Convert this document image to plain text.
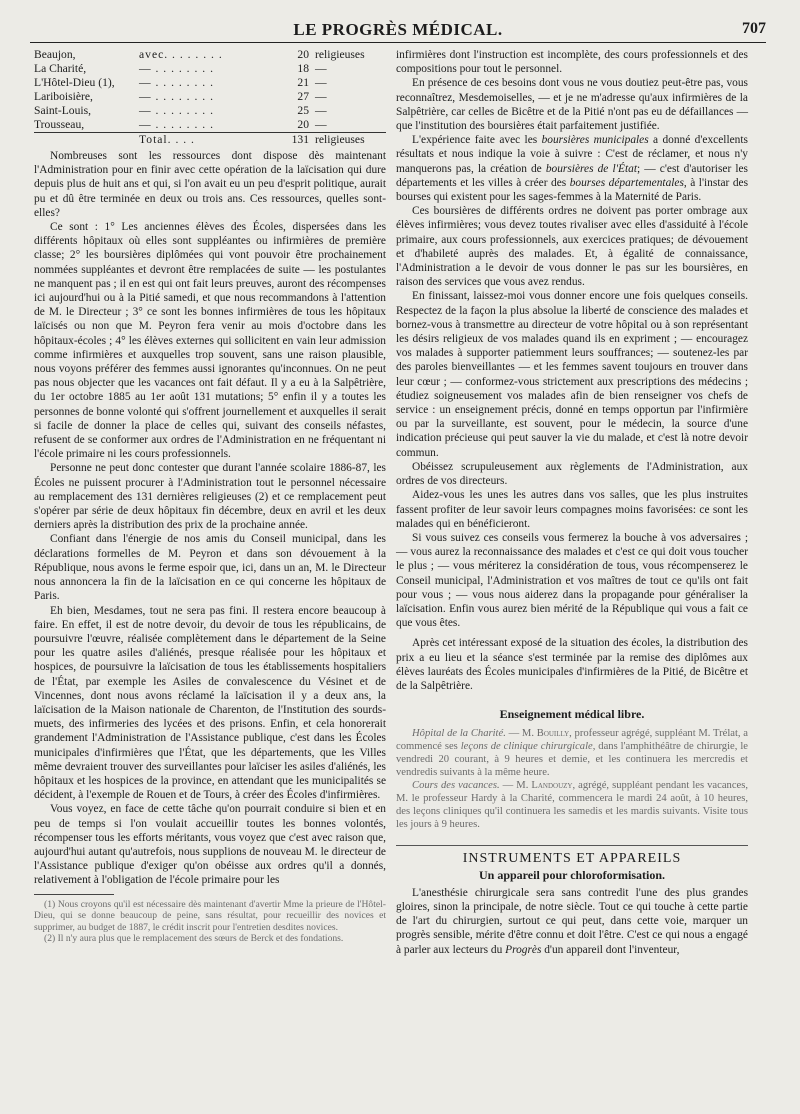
LE PROGRÈS MÉDICAL.	707
Beaujon,	avec. . . . . . . .	20	religieuses
La Charité,	— . . . . . . . .	18	—
L'Hôtel-Dieu (1),	— . . . . . . . .	21	—
Lariboisière,	— . . . . . . . .	27	—
Saint-Louis,	— . . . . . . . .	25	—
Trousseau,	— . . . . . . . .	20	—
	Total. . . .	131	religieuses

Nombreuses sont les ressources dont dispose dès maintenant l'Administration pour en finir avec cette opération de la laïcisation qui dure depuis plus de huit ans et qui, si l'on avait eu un peu d'esprit politique, aurait pu et dû être terminée en deux ou trois ans. Ces ressources, quelles sont-elles?

Ce sont : 1° Les anciennes élèves des Écoles, dispersées dans les différents hôpitaux où elles sont suppléantes ou infirmières de première classe; 2° les boursières diplômées qui vont pouvoir être prochainement nommées suppléantes et devront être remplacées de suite — les postulantes ne manquent pas ; il en est qui ont fait leurs preuves, auront des récompenses ici aujourd'hui ou à la Pitié samedi, et que nous recommandons à l'attention de M. le Directeur ; 3° ce sont les bonnes infirmières de tous les hôpitaux laïcisés ou non que M. Peyron fera venir au mois d'octobre dans les hôpitaux-écoles ; 4° les élèves externes qui sollicitent en vain leur admission comme infirmières et auxquelles trop souvent, sans une raison plausible, nous voyons préférer des femmes aussi ignorantes qu'inconnues. On ne peut pas nous objecter que les vacances ont fait défaut. Il y a eu à la Salpêtrière, du 1er octobre 1885 au 1er août 131 mutations; 5° enfin il y a toutes les personnes de bonne volonté qui s'offrent journellement et auxquelles il serait si facile de donner la place de celles qui, suivant des conseils néfastes, refusent de se conformer aux ordres de l'Administration en ne fréquentant ni l'école primaire ni les cours professionnels.

Personne ne peut donc contester que durant l'année scolaire 1886-87, les Écoles ne puissent procurer à l'Administration tout le personnel nécessaire au remplacement des 131 dernières religieuses (2) et ce remplacement peut s'opérer par série de deux hôpitaux fin décembre, deux en avril et les deux derniers après la distribution des prix de la prochaine année.

Confiant dans l'énergie de nos amis du Conseil municipal, dans les déclarations formelles de M. Peyron et dans son dévouement à la République, nous avons le ferme espoir que, ici, dans un an, M. le Directeur nous annoncera la fin de la laïcisation en ce qui concerne les hôpitaux de Paris.

Eh bien, Mesdames, tout ne sera pas fini. Il restera encore beaucoup à faire. En effet, il est de notre devoir, du devoir de tous les républicains, de poursuivre l'œuvre, réalisée complètement dans le département de la Seine pour les quatre asiles d'aliénés, presque réalisée pour les hôpitaux et hospices, de poursuivre la laïcisation de tous les établissements hospitaliers de l'État, par exemple les Asiles de convalescence du Vésinet et de Vincennes, dont nous avons réclamé la laïcisation il y a deux ans, la laïcisation de la Maison nationale de Charenton, de l'Institution des sourds-muets, des infirmeries des lycées et des prisons. Enfin, et cela honorerait grandement l'Administration de l'Assistance publique, c'est dans les Écoles municipales d'infirmières que l'État, que les départements, que les Villes même devraient trouver des surveillantes pour laïciser les asiles d'aliénés, les hôpitaux et les hospices de la province, en attendant que les municipalités se décident, à l'exemple de Rouen et de Tours, à créer des Écoles d'infirmières.

Vous voyez, en face de cette tâche qu'on pourrait conduire si bien et en peu de temps si l'on voulait accueillir toutes les bonnes volontés, récompenser tous les efforts méritants, vous voyez que c'est avec raison que, aujourd'hui autant qu'autrefois, nous supplions de nouveau M. le directeur de l'Assistance publique d'exiger qu'on obéisse aux ordres qu'il a donnés, relativement à l'obligation de l'école primaire pour les

(1) Nous croyons qu'il est nécessaire dès maintenant d'avertir Mme la prieure de l'Hôtel-Dieu, qui se donne beaucoup de peine, sans résultat, pour recueillir des novices et supprimer, au budget de 1887, le crédit inscrit pour l'entretien desdites novices.

(2) Il n'y aura plus que le remplacement des sœurs de Berck et des fondations.

infirmières dont l'instruction est incomplète, des cours professionnels et des compositions pour tout le personnel.

En présence de ces besoins dont vous ne vous doutiez peut-être pas, vous reconnaîtrez, Mesdemoiselles, — et je ne m'adresse qu'aux infirmières de la Salpêtrière, car celles de Bicêtre et de la Pitié n'ont pas eu de défaillances — que l'institution des boursières était parfaitement justifiée.

L'expérience faite avec les boursières municipales a donné d'excellents résultats et nous indique la voie à suivre : C'est de réclamer, et nous n'y manquerons pas, la création de boursières de l'État; — c'est d'autoriser les départements et les villes à créer des bourses départementales, à l'instar des bourses qui existent pour les sages-femmes à la Maternité de Paris.

Ces boursières de différents ordres ne doivent pas porter ombrage aux élèves infirmières; vous devez toutes rivaliser avec elles d'assiduité à l'école primaire, aux cours professionnels, aux exercices pratiques; de dévouement et d'habileté auprès des malades. Et, à égalité de connaissance, l'Administration a le devoir de vous donner le pas sur les boursières, en raison des services que vous avez rendus.

En finissant, laissez-moi vous donner encore une fois quelques conseils. Respectez de la façon la plus absolue la liberté de conscience des malades et bornez-vous à transmettre au directeur de votre hôpital ou à son représentant les désirs religieux de vos malades quand ils en expriment ; — encouragez vos malades à supporter patiemment leurs souffrances; — soutenez-les par des paroles bienveillantes — et les femmes savent toujours en trouver dans leur cœur ; — conformez-vous strictement aux prescriptions des médecins ; étudiez soigneusement vos malades afin de bien renseigner vos chefs de service : un enseignement précis, donné en temps opportun par l'infirmière ou par la surveillante, est souvent, pour le médecin, la source d'une indication précieuse qui peut sauver la vie du malade, et c'est là notre devoir commun.

Obéissez scrupuleusement aux règlements de l'Administration, aux ordres de vos directeurs.

Aidez-vous les unes les autres dans vos salles, que les plus instruites fassent profiter de leur savoir leurs compagnes moins favorisées: ce sont les malades qui en bénéficieront.

Si vous suivez ces conseils vous fermerez la bouche à vos adversaires ; — vous aurez la reconnaissance des malades et c'est ce qui doit vous toucher le plus ; — vous mériterez la considération de tous, vous récompenserez le Conseil municipal, l'Administration et vos maîtres de tout ce qu'ils ont fait pour vous ; — vous nous aiderez dans la propagande pour généraliser la laïcisation. Enfin vous aurez bien mérité de la République qui vous a fait ce que vous êtes.

Après cet intéressant exposé de la situation des écoles, la distribution des prix a eu lieu et la séance s'est terminée par la remise des diplômes aux élèves lauréats des Écoles municipales d'infirmières de la Pitié, de Bicêtre et de la Salpêtrière.

Enseignement médical libre.

Hôpital de la Charité. — M. Bouilly, professeur agrégé, suppléant M. Trélat, a commencé ses leçons de clinique chirurgicale, dans l'amphithéâtre de chirurgie, le vendredi 20 courant, à 9 heures et demie, et les continuera les mercredis et vendredis suivants à la même heure.

Cours des vacances. — M. Landouzy, agrégé, suppléant pendant les vacances, M. le professeur Hardy à la Charité, commencera le mardi 24 août, à 10 heures, des leçons cliniques qu'il continuera les samedis et les mardis suivants. Visite tous les jours à 9 heures.

INSTRUMENTS ET APPAREILS
Un appareil pour chloroformisation.

L'anesthésie chirurgicale sera sans contredit l'une des plus grandes gloires, sinon la principale, de notre siècle. Tout ce qui touche à cette partie de l'art du chirurgien, surtout ce qui peut, dans cette voie, marquer un progrès sensible, mérite d'être connu et doit l'être. C'est ce qui nous a engagé à parler aux lecteurs du Progrès d'un appareil dont l'inventeur,
